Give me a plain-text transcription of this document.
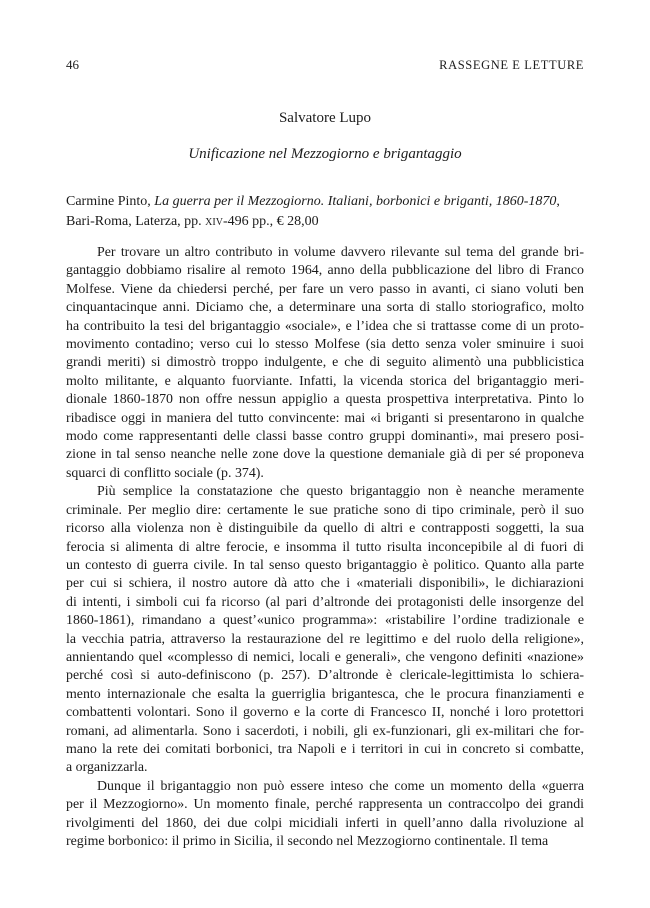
46	RASSEGNE E LETTURE
Salvatore Lupo
Unificazione nel Mezzogiorno e brigantaggio
Carmine Pinto, La guerra per il Mezzogiorno. Italiani, borbonici e briganti, 1860-1870,
Bari-Roma, Laterza, pp. xiv-496 pp., € 28,00
Per trovare un altro contributo in volume davvero rilevante sul tema del grande bri-
gantaggio dobbiamo risalire al remoto 1964, anno della pubblicazione del libro di Franco
Molfese. Viene da chiedersi perché, per fare un vero passo in avanti, ci siano voluti ben
cinquantacinque anni. Diciamo che, a determinare una sorta di stallo storiografico, molto
ha contribuito la tesi del brigantaggio «sociale», e l’idea che si trattasse come di un proto-
movimento contadino; verso cui lo stesso Molfese (sia detto senza voler sminuire i suoi
grandi meriti) si dimostrò troppo indulgente, e che di seguito alimentò una pubblicistica
molto militante, e alquanto fuorviante. Infatti, la vicenda storica del brigantaggio meri-
dionale 1860-1870 non offre nessun appiglio a questa prospettiva interpretativa. Pinto lo
ribadisce oggi in maniera del tutto convincente: mai «i briganti si presentarono in qualche
modo come rappresentanti delle classi basse contro gruppi dominanti», mai presero posi-
zione in tal senso neanche nelle zone dove la questione demaniale già di per sé proponeva
squarci di conflitto sociale (p. 374).
Più semplice la constatazione che questo brigantaggio non è neanche meramente
criminale. Per meglio dire: certamente le sue pratiche sono di tipo criminale, però il suo
ricorso alla violenza non è distinguibile da quello di altri e contrapposti soggetti, la sua
ferocia si alimenta di altre ferocie, e insomma il tutto risulta inconcepibile al di fuori di
un contesto di guerra civile. In tal senso questo brigantaggio è politico. Quanto alla parte
per cui si schiera, il nostro autore dà atto che i «materiali disponibili», le dichiarazioni
di intenti, i simboli cui fa ricorso (al pari d’altronde dei protagonisti delle insorgenze del
1860-1861), rimandano a quest’«unico programma»: «ristabilire l’ordine tradizionale e
la vecchia patria, attraverso la restaurazione del re legittimo e del ruolo della religione»,
annientando quel «complesso di nemici, locali e generali», che vengono definiti «nazione»
perché così si auto-definiscono (p. 257). D’altronde è clericale-legittimista lo schiera-
mento internazionale che esalta la guerriglia brigantesca, che le procura finanziamenti e
combattenti volontari. Sono il governo e la corte di Francesco II, nonché i loro protettori
romani, ad alimentarla. Sono i sacerdoti, i nobili, gli ex-funzionari, gli ex-militari che for-
mano la rete dei comitati borbonici, tra Napoli e i territori in cui in concreto si combatte,
a organizzarla.
Dunque il brigantaggio non può essere inteso che come un momento della «guerra
per il Mezzogiorno». Un momento finale, perché rappresenta un contraccolpo dei grandi
rivolgimenti del 1860, dei due colpi micidiali inferti in quell’anno dalla rivoluzione al
regime borbonico: il primo in Sicilia, il secondo nel Mezzogiorno continentale. Il tema
